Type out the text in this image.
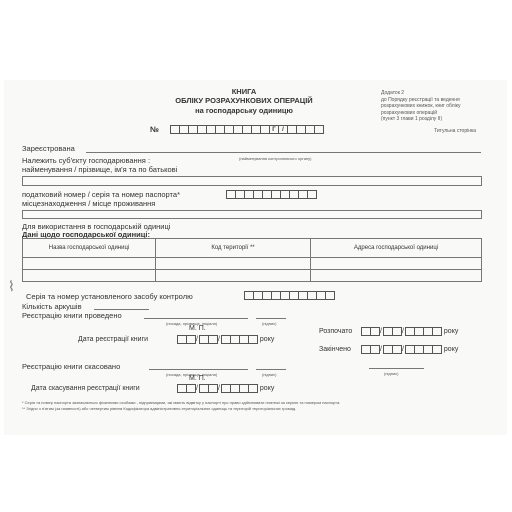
КНИГА
ОБЛІКУ РОЗРАХУНКОВИХ ОПЕРАЦІЙ
на господарську одиницю
Додаток 2
до Порядку реєстрації та ведення
розрахункових книжок, книг обліку
розрахункових операцій
(пункт 3 глави 1 розділу II)
Титульна сторінка
№	Г	/
Зареєстрована
(найменування контролюючого органу)
Належить суб'єкту господарювання :
найменування / прізвище, ім'я та по батькові
податковий номер / серія та номер паспорта*
місцезнаходження / місце проживання
Для використання в господарській одиниці
Дані щодо господарської одиниці:
Назва господарської одиниці	Код території **	Адреса господарської одиниці

⌇
Серія та номер установленого засобу контролю
Кількість аркушів
Реєстрацію книги проведено
(посада, прізвище, ініціали)	(підпис)
М. П.
Дата реєстрації книги	/	/	року
Розпочато	/	/	року
Закінчено	/	/	року
(підпис)
Реєстрацію книги скасовано
(посада, прізвище, ініціали)	(підпис)
М. П.
Дата скасування реєстрації книги	/	/	року
* Серія та номер паспорта зазначаються фізичними особами - підприємцями, які мають відмітку у паспорті про право здійснювати платежі за серією та номером паспорта.
** Згідно з п'ятим (за наявності) або четвертим рівнем Кодифікатора адміністративно-територіальних одиниць та територій територіальних громад.
